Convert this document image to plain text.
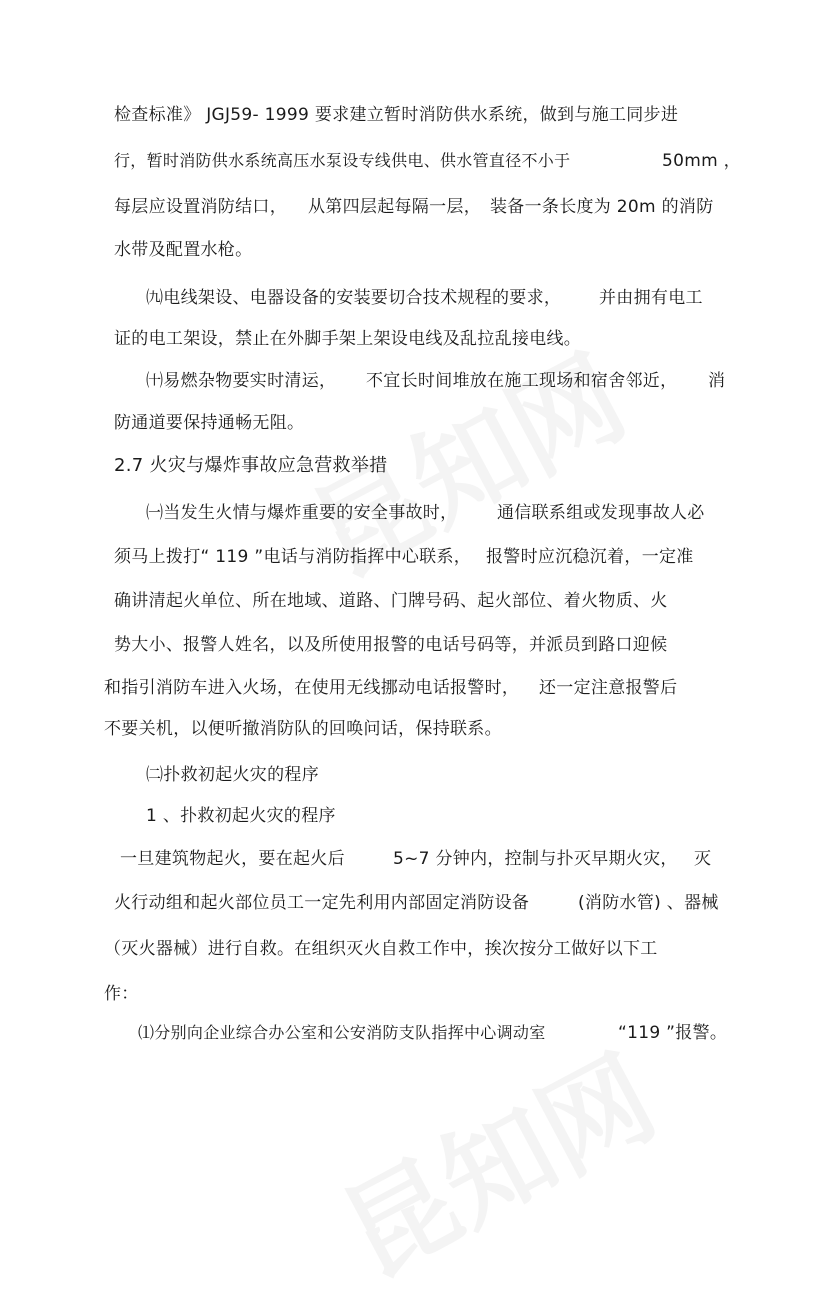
检查标准》 JGJ59- 1999 要求建立暂时消防供水系统，做到与施工同步进
行，暂时消防供水系统高压水泵设专线供电、供水管直径不小于	50mm ，
每层应设置消防结口， 从第四层起每隔一层， 装备一条长度为 20m 的消防
水带及配置水枪。
㈨电线架设、电器设备的安装要切合技术规程的要求， 并由拥有电工
证的电工架设，禁止在外脚手架上架设电线及乱拉乱接电线。
㈩易燃杂物要实时清运， 不宜长时间堆放在施工现场和宿舍邻近， 消
防通道要保持通畅无阻。
2.7 火灾与爆炸事故应急营救举措
㈠当发生火情与爆炸重要的安全事故时， 通信联系组或发现事故人必
须马上拨打“ 119 ”电话与消防指挥中心联系， 报警时应沉稳沉着，一定准
确讲清起火单位、所在地域、道路、门牌号码、起火部位、着火物质、火
势大小、 报警人姓名，以及所使用报警的电话号码等，并派员到路口迎候
和指引消防车进入火场，在使用无线挪动电话报警时， 还一定注意报警后
不要关机，以便听撤消防队的回唤问话，保持联系。
㈡扑救初起火灾的程序
1 、扑救初起火灾的程序
一旦建筑物起火，要在起火后	5~7 分钟内，控制与扑灭早期火灾， 灭
火行动组和起火部位员工一定先利用内部固定消防设备	(消防水管) 、器械
（灭火器械）进行自救。在组织灭火自救工作中，挨次按分工做好以下工
作：
⑴分别向企业综合办公室和公安消防支队指挥中心调动室	“119 ”报警。
